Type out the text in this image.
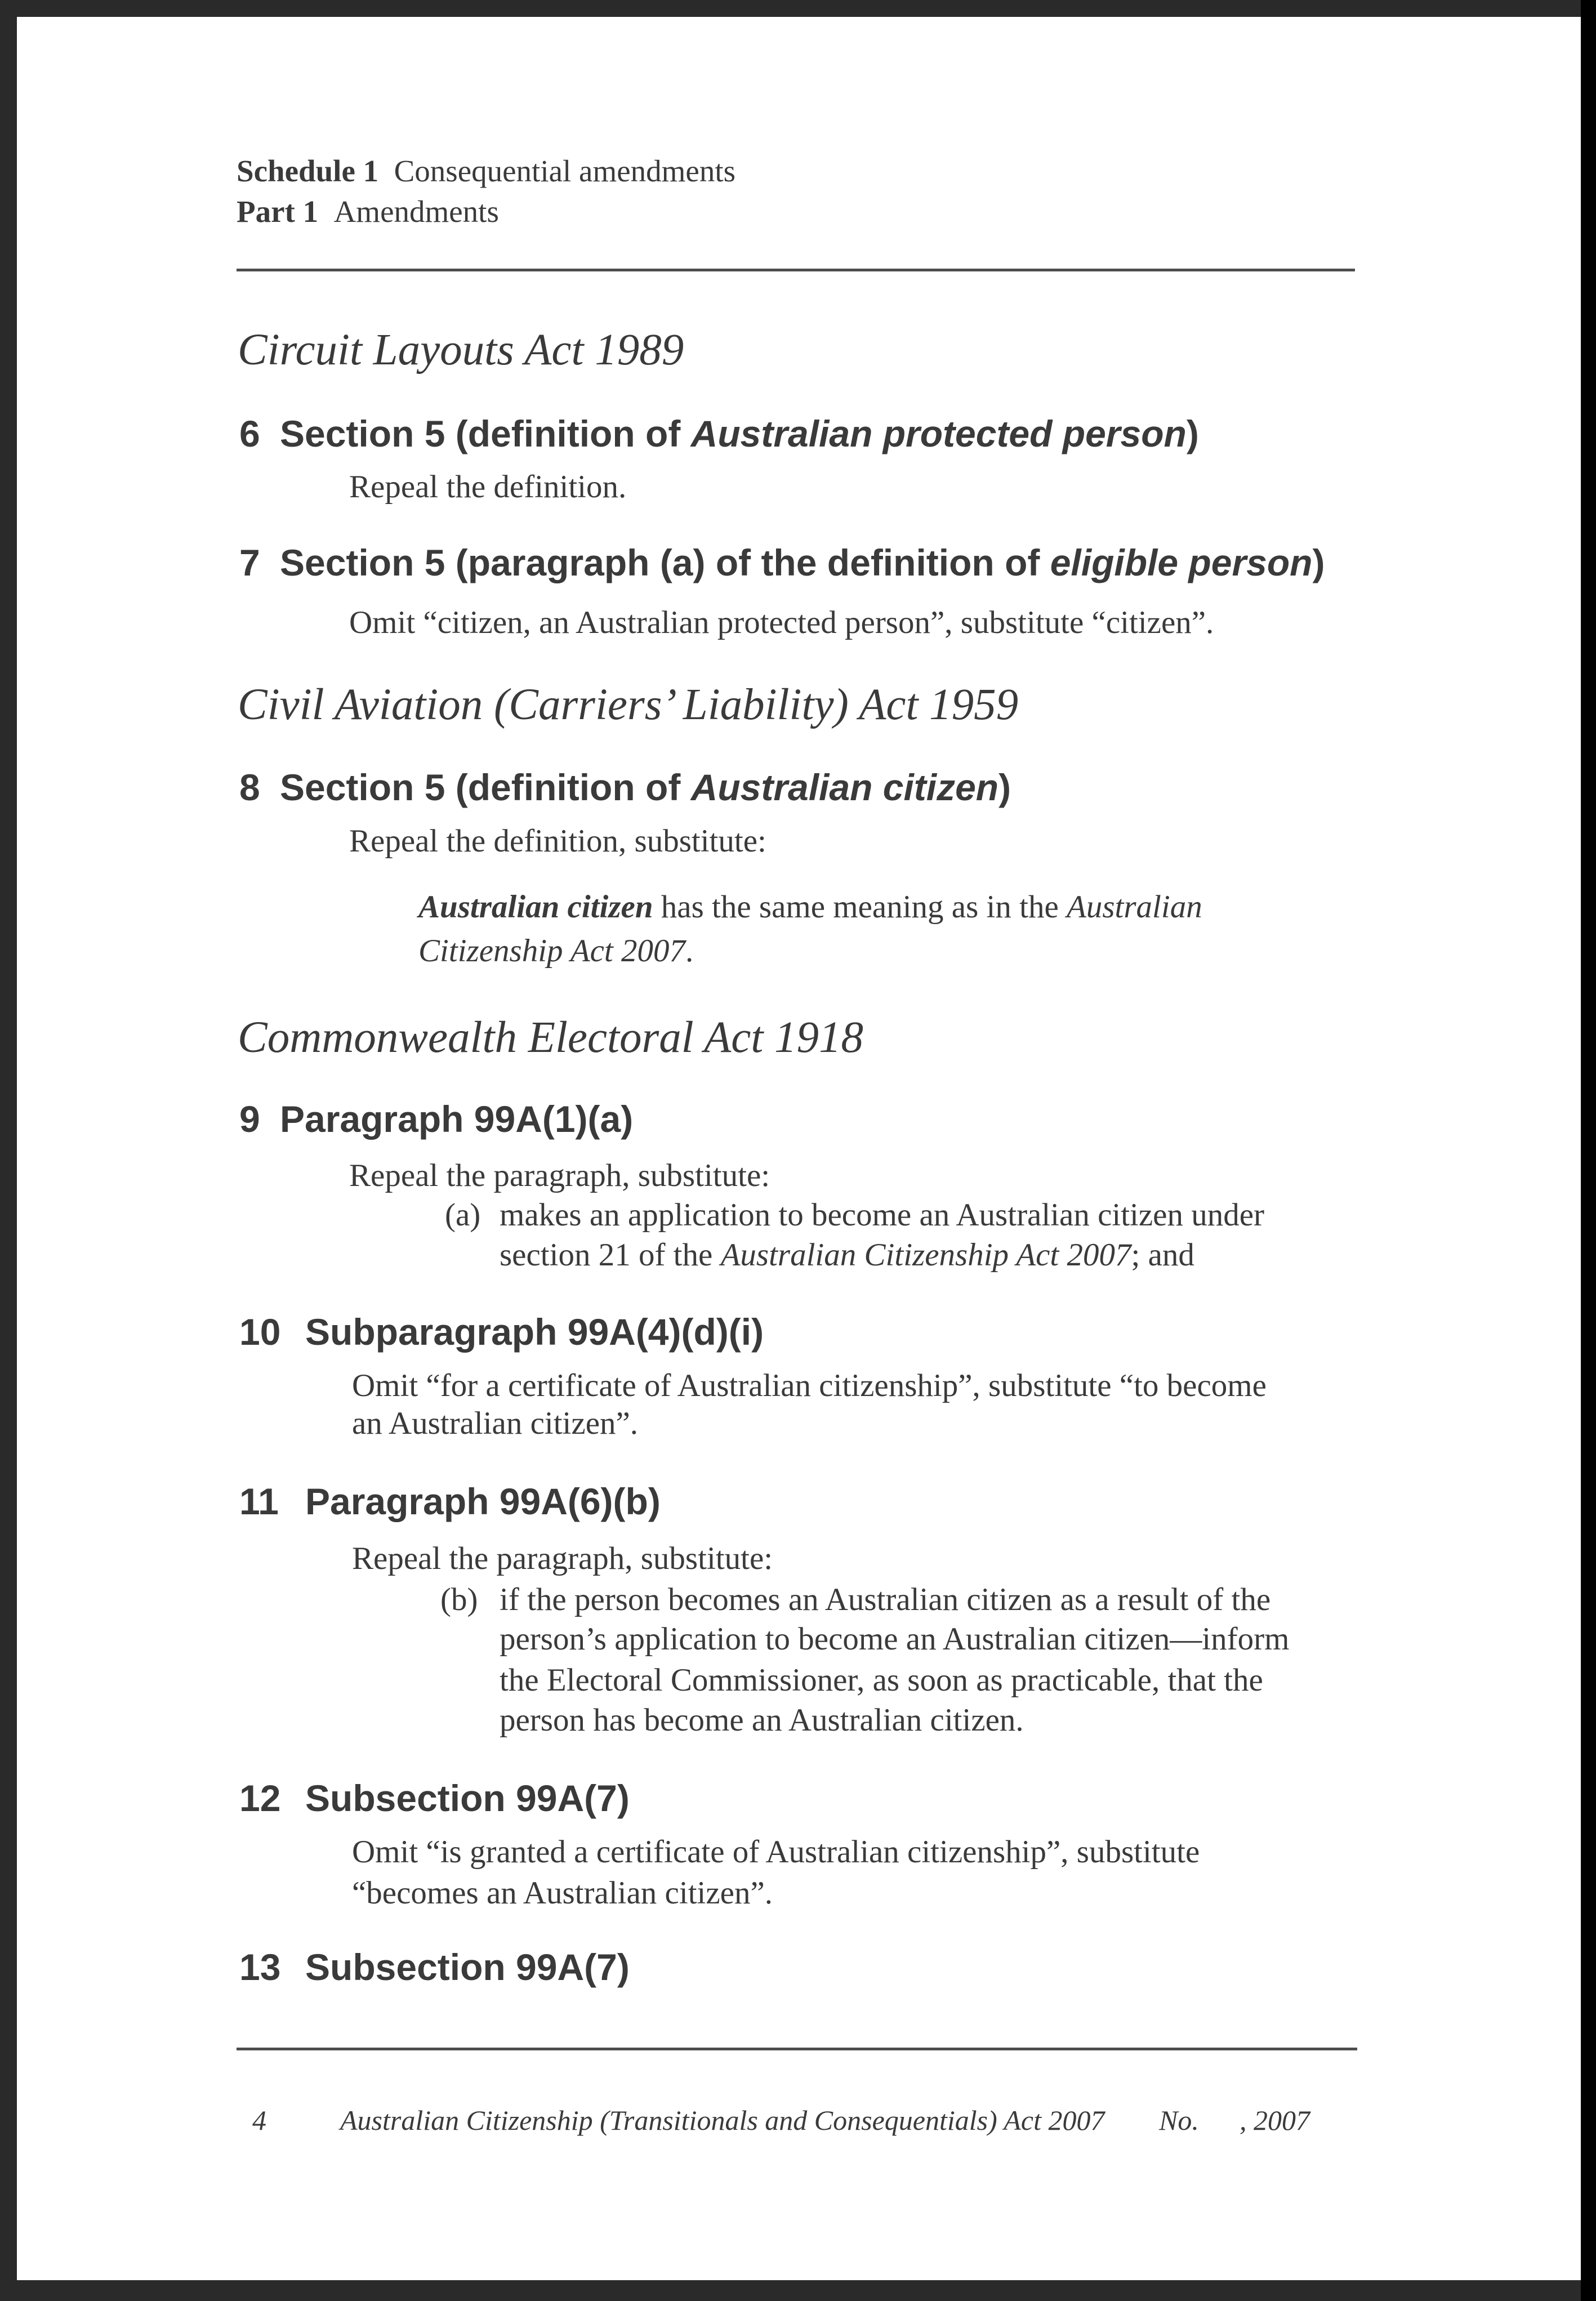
Schedule 1 Consequential amendments
Part 1 Amendments
Circuit Layouts Act 1989
6 Section 5 (definition of Australian protected person)
Repeal the definition.
7 Section 5 (paragraph (a) of the definition of eligible person)
Omit “citizen, an Australian protected person”, substitute “citizen”.
Civil Aviation (Carriers’ Liability) Act 1959
8 Section 5 (definition of Australian citizen)
Repeal the definition, substitute:
Australian citizen has the same meaning as in the Australian
Citizenship Act 2007.
Commonwealth Electoral Act 1918
9 Paragraph 99A(1)(a)
Repeal the paragraph, substitute:
(a) makes an application to become an Australian citizen under
section 21 of the Australian Citizenship Act 2007; and
10 Subparagraph 99A(4)(d)(i)
Omit “for a certificate of Australian citizenship”, substitute “to become
an Australian citizen”.
11 Paragraph 99A(6)(b)
Repeal the paragraph, substitute:
(b) if the person becomes an Australian citizen as a result of the
person’s application to become an Australian citizen—inform
the Electoral Commissioner, as soon as practicable, that the
person has become an Australian citizen.
12 Subsection 99A(7)
Omit “is granted a certificate of Australian citizenship”, substitute
“becomes an Australian citizen”.
13 Subsection 99A(7)
4	Australian Citizenship (Transitionals and Consequentials) Act 2007 No. , 2007
